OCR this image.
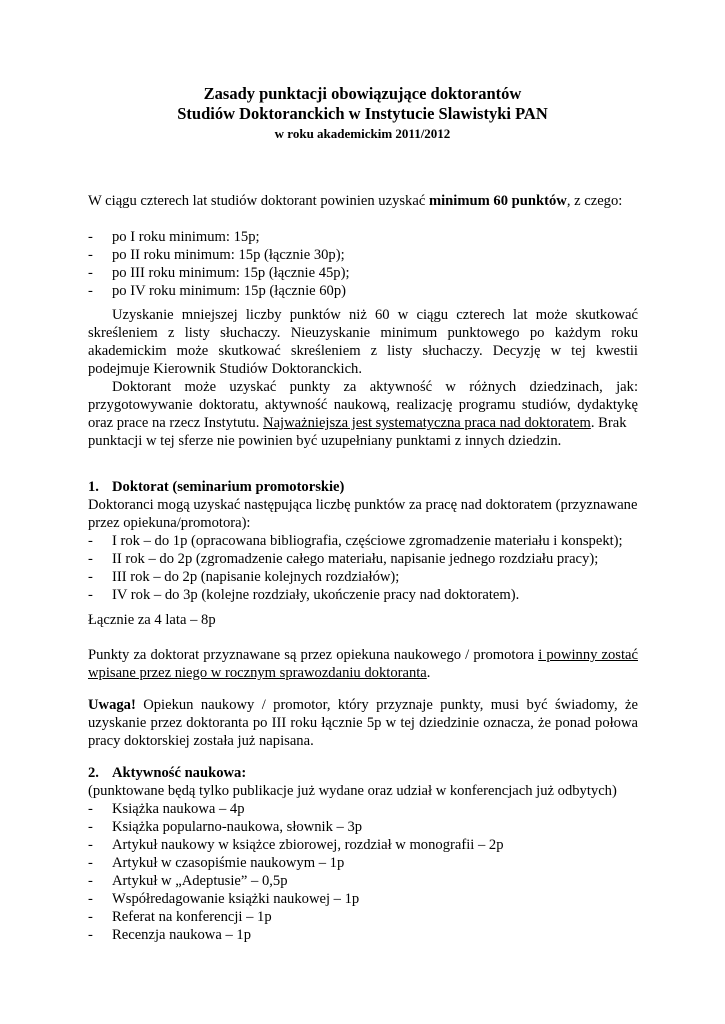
Zasady punktacji obowiązujące doktorantów
Studiów Doktoranckich w Instytucie Slawistyki PAN
w roku akademickim 2011/2012
W ciągu czterech lat studiów doktorant powinien uzyskać minimum 60 punktów, z czego:
-	po I roku minimum: 15p;
-	po II roku minimum: 15p (łącznie 30p);
-	po III roku minimum: 15p (łącznie 45p);
-	po IV roku minimum: 15p (łącznie 60p)
Uzyskanie mniejszej liczby punktów niż 60 w ciągu czterech lat może skutkować
skreśleniem z listy słuchaczy. Nieuzyskanie minimum punktowego po każdym roku
akademickim może skutkować skreśleniem z listy słuchaczy. Decyzję w tej kwestii
podejmuje Kierownik Studiów Doktoranckich.
Doktorant może uzyskać punkty za aktywność w różnych dziedzinach, jak:
przygotowywanie doktoratu, aktywność naukową, realizację programu studiów, dydaktykę
oraz prace na rzecz Instytutu. Najważniejsza jest systematyczna praca nad doktoratem. Brak
punktacji w tej sferze nie powinien być uzupełniany punktami z innych dziedzin.
1. Doktorat (seminarium promotorskie)
Doktoranci mogą uzyskać następująca liczbę punktów za pracę nad doktoratem (przyznawane
przez opiekuna/promotora):
-	I rok – do 1p (opracowana bibliografia, częściowe zgromadzenie materiału i konspekt);
-	II rok – do 2p (zgromadzenie całego materiału, napisanie jednego rozdziału pracy);
-	III rok – do 2p (napisanie kolejnych rozdziałów);
-	IV rok – do 3p (kolejne rozdziały, ukończenie pracy nad doktoratem).
Łącznie za 4 lata – 8p
Punkty za doktorat przyznawane są przez opiekuna naukowego / promotora i powinny zostać
wpisane przez niego w rocznym sprawozdaniu doktoranta.
Uwaga! Opiekun naukowy / promotor, który przyznaje punkty, musi być świadomy, że
uzyskanie przez doktoranta po III roku łącznie 5p w tej dziedzinie oznacza, że ponad połowa
pracy doktorskiej została już napisana.
2. Aktywność naukowa:
(punktowane będą tylko publikacje już wydane oraz udział w konferencjach już odbytych)
-	Książka naukowa – 4p
-	Książka popularno-naukowa, słownik – 3p
-	Artykuł naukowy w książce zbiorowej, rozdział w monografii – 2p
-	Artykuł w czasopiśmie naukowym – 1p
-	Artykuł w „Adeptusie” – 0,5p
-	Współredagowanie książki naukowej – 1p
-	Referat na konferencji – 1p
-	Recenzja naukowa – 1p
